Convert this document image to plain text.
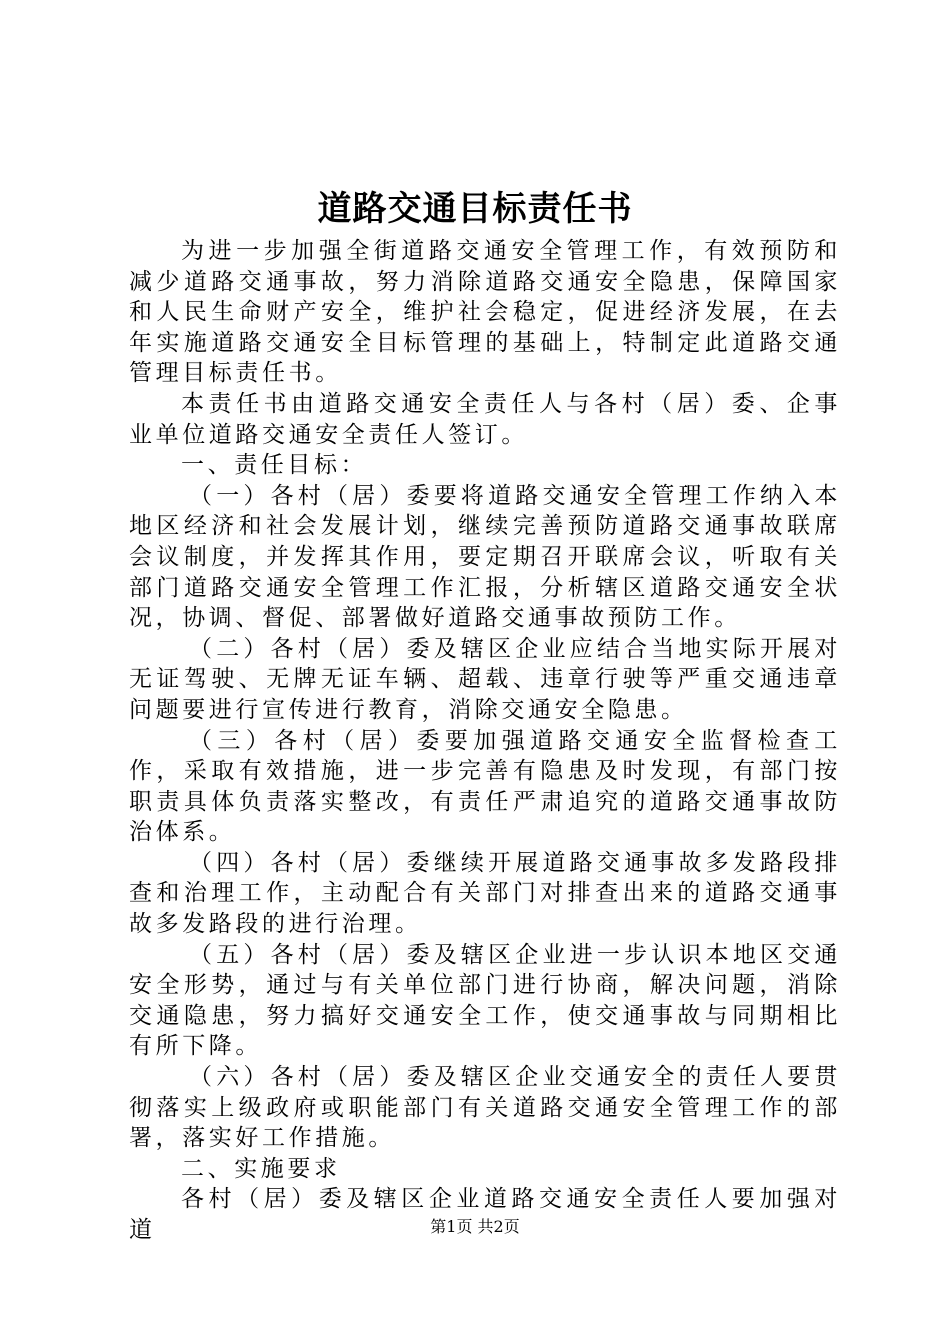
道路交通目标责任书

为进一步加强全街道路交通安全管理工作，有效预防和减少道路交通事故，努力消除道路交通安全隐患，保障国家和人民生命财产安全，维护社会稳定，促进经济发展，在去年实施道路交通安全目标管理的基础上，特制定此道路交通管理目标责任书。

本责任书由道路交通安全责任人与各村（居）委、企事业单位道路交通安全责任人签订。

一、责任目标：

（一）各村（居）委要将道路交通安全管理工作纳入本地区经济和社会发展计划，继续完善预防道路交通事故联席会议制度，并发挥其作用，要定期召开联席会议，听取有关部门道路交通安全管理工作汇报，分析辖区道路交通安全状况，协调、督促、部署做好道路交通事故预防工作。

（二）各村（居）委及辖区企业应结合当地实际开展对无证驾驶、无牌无证车辆、超载、违章行驶等严重交通违章问题要进行宣传进行教育，消除交通安全隐患。

（三）各村（居）委要加强道路交通安全监督检查工作，采取有效措施，进一步完善有隐患及时发现，有部门按职责具体负责落实整改，有责任严肃追究的道路交通事故防治体系。

（四）各村（居）委继续开展道路交通事故多发路段排查和治理工作，主动配合有关部门对排查出来的道路交通事故多发路段的进行治理。

（五）各村（居）委及辖区企业进一步认识本地区交通安全形势，通过与有关单位部门进行协商，解决问题，消除交通隐患，努力搞好交通安全工作，使交通事故与同期相比有所下降。

（六）各村（居）委及辖区企业交通安全的责任人要贯彻落实上级政府或职能部门有关道路交通安全管理工作的部署，落实好工作措施。

二、实施要求

各村（居）委及辖区企业道路交通安全责任人要加强对道	第1页 共2页
